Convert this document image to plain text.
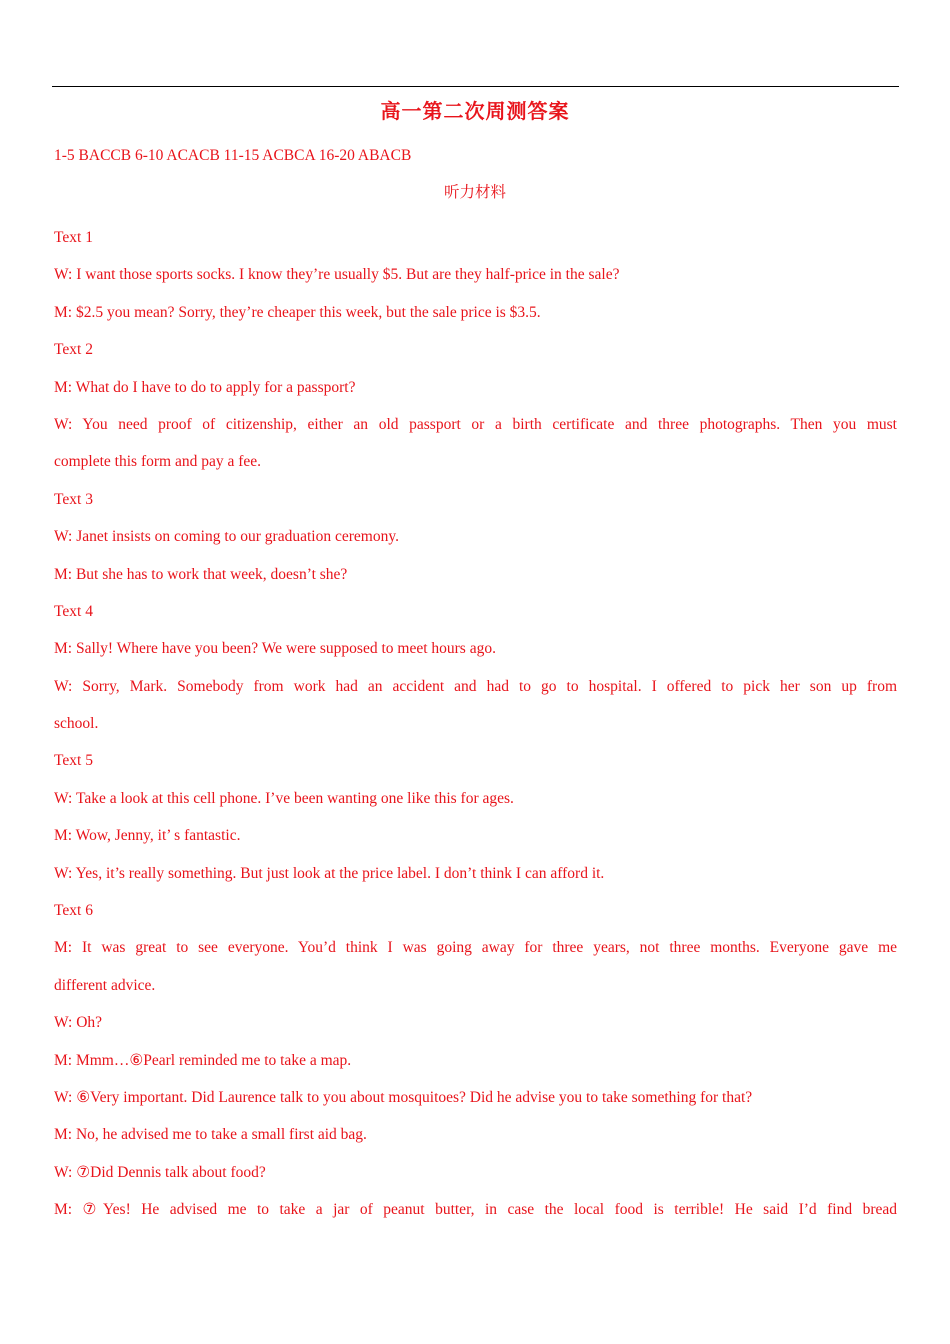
高一第二次周测答案
1-5 BACCB 6-10 ACACB 11-15 ACBCA 16-20 ABACB
听力材料
Text 1
W: I want those sports socks. I know they’re usually $5. But are they half-price in the sale?
M: $2.5 you mean? Sorry, they’re cheaper this week, but the sale price is $3.5.
Text 2
M: What do I have to do to apply for a passport?
W: You need proof of citizenship, either an old passport or a birth certificate and three photographs. Then you must
complete this form and pay a fee.
Text 3
W: Janet insists on coming to our graduation ceremony.
M: But she has to work that week, doesn’t she?
Text 4
M: Sally! Where have you been? We were supposed to meet hours ago.
W: Sorry, Mark. Somebody from work had an accident and had to go to hospital. I offered to pick her son up from
school.
Text 5
W: Take a look at this cell phone. I’ve been wanting one like this for ages.
M: Wow, Jenny, it’ s fantastic.
W: Yes, it’s really something. But just look at the price label. I don’t think I can afford it.
Text 6
M: It was great to see everyone. You’d think I was going away for three years, not three months. Everyone gave me
different advice.
W: Oh?
M: Mmm…⑥Pearl reminded me to take a map.
W: ⑥Very important. Did Laurence talk to you about mosquitoes? Did he advise you to take something for that?
M: No, he advised me to take a small first aid bag.
W: ⑦Did Dennis talk about food?
M: ⑦Yes! He advised me to take a jar of peanut butter, in case the local food is terrible! He said I’d find bread
